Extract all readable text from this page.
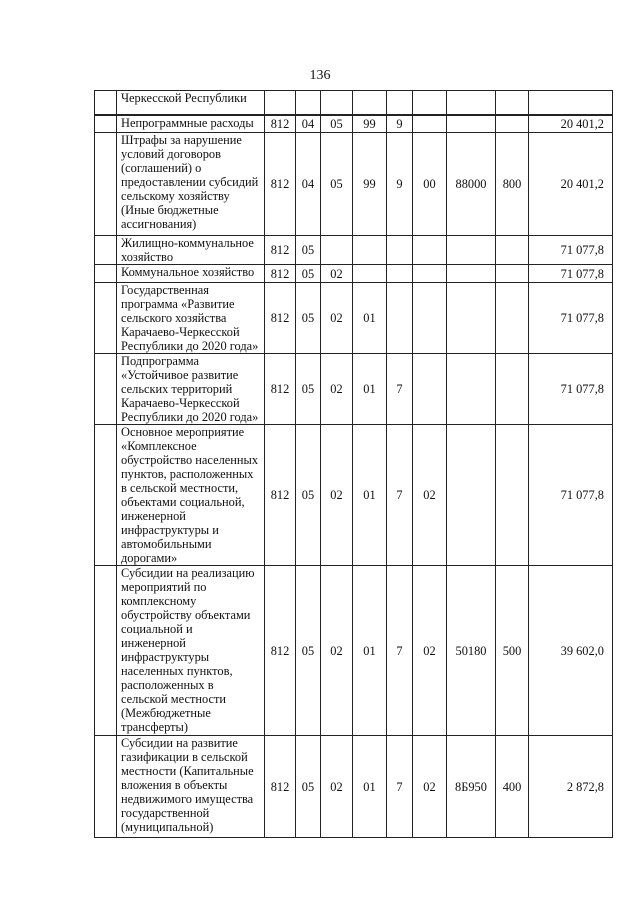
136
	Черкесской Республики									
	Непрограммные расходы	812	04	05	99	9				20 401,2
	Штрафы за нарушение условий договоров (соглашений) о предоставлении субсидий сельскому хозяйству (Иные бюджетные ассигнования)	812	04	05	99	9	00	88000	800	20 401,2
	Жилищно-коммунальное хозяйство	812	05							71 077,8
	Коммунальное хозяйство	812	05	02						71 077,8
	Государственная программа «Развитие сельского хозяйства Карачаево-Черкесской Республики до 2020 года»	812	05	02	01					71 077,8
	Подпрограмма «Устойчивое развитие сельских территорий Карачаево-Черкесской Республики до 2020 года»	812	05	02	01	7				71 077,8
	Основное мероприятие «Комплексное обустройство населенных пунктов, расположенных в сельской местности, объектами социальной, инженерной инфраструктуры и автомобильными дорогами»	812	05	02	01	7	02			71 077,8
	Субсидии на реализацию мероприятий по комплексному обустройству объектами социальной и инженерной инфраструктуры населенных пунктов, расположенных в сельской местности (Межбюджетные трансферты)	812	05	02	01	7	02	50180	500	39 602,0
	Субсидии на развитие газификации в сельской местности (Капитальные вложения в объекты недвижимого имущества государственной (муниципальной)	812	05	02	01	7	02	8Б950	400	2 872,8
